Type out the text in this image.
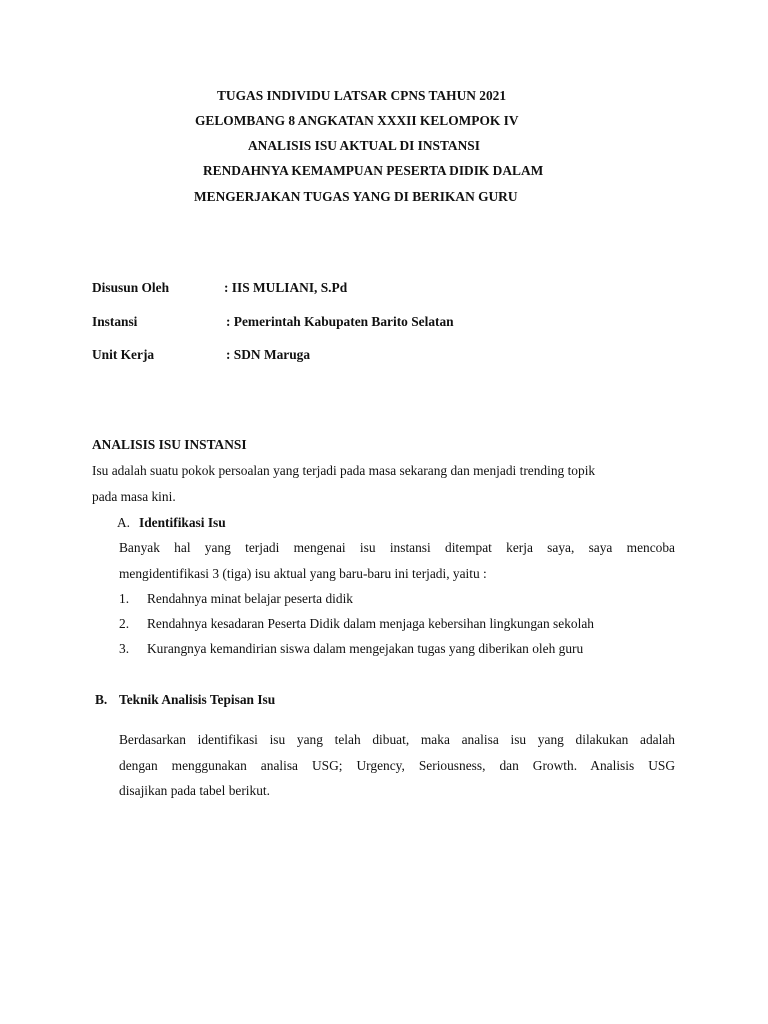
TUGAS INDIVIDU LATSAR CPNS TAHUN 2021
GELOMBANG 8 ANGKATAN XXXII KELOMPOK IV
ANALISIS ISU AKTUAL DI INSTANSI
RENDAHNYA KEMAMPUAN PESERTA DIDIK DALAM
MENGERJAKAN TUGAS YANG DI BERIKAN GURU
Disusun Oleh	: IIS MULIANI, S.Pd
Instansi	: Pemerintah Kabupaten Barito Selatan
Unit Kerja	: SDN Maruga
ANALISIS ISU INSTANSI
Isu adalah suatu pokok persoalan yang terjadi pada masa sekarang dan menjadi trending topik
pada masa kini.
A. Identifikasi Isu
Banyak hal yang terjadi mengenai isu instansi ditempat kerja saya, saya mencoba
mengidentifikasi 3 (tiga) isu aktual yang baru-baru ini terjadi, yaitu :
1. Rendahnya minat belajar peserta didik
2. Rendahnya kesadaran Peserta Didik dalam menjaga kebersihan lingkungan sekolah
3. Kurangnya kemandirian siswa dalam mengejakan tugas yang diberikan oleh guru
B. Teknik Analisis Tepisan Isu
Berdasarkan identifikasi isu yang telah dibuat, maka analisa isu yang dilakukan adalah
dengan menggunakan analisa USG; Urgency, Seriousness, dan Growth. Analisis USG
disajikan pada tabel berikut.
